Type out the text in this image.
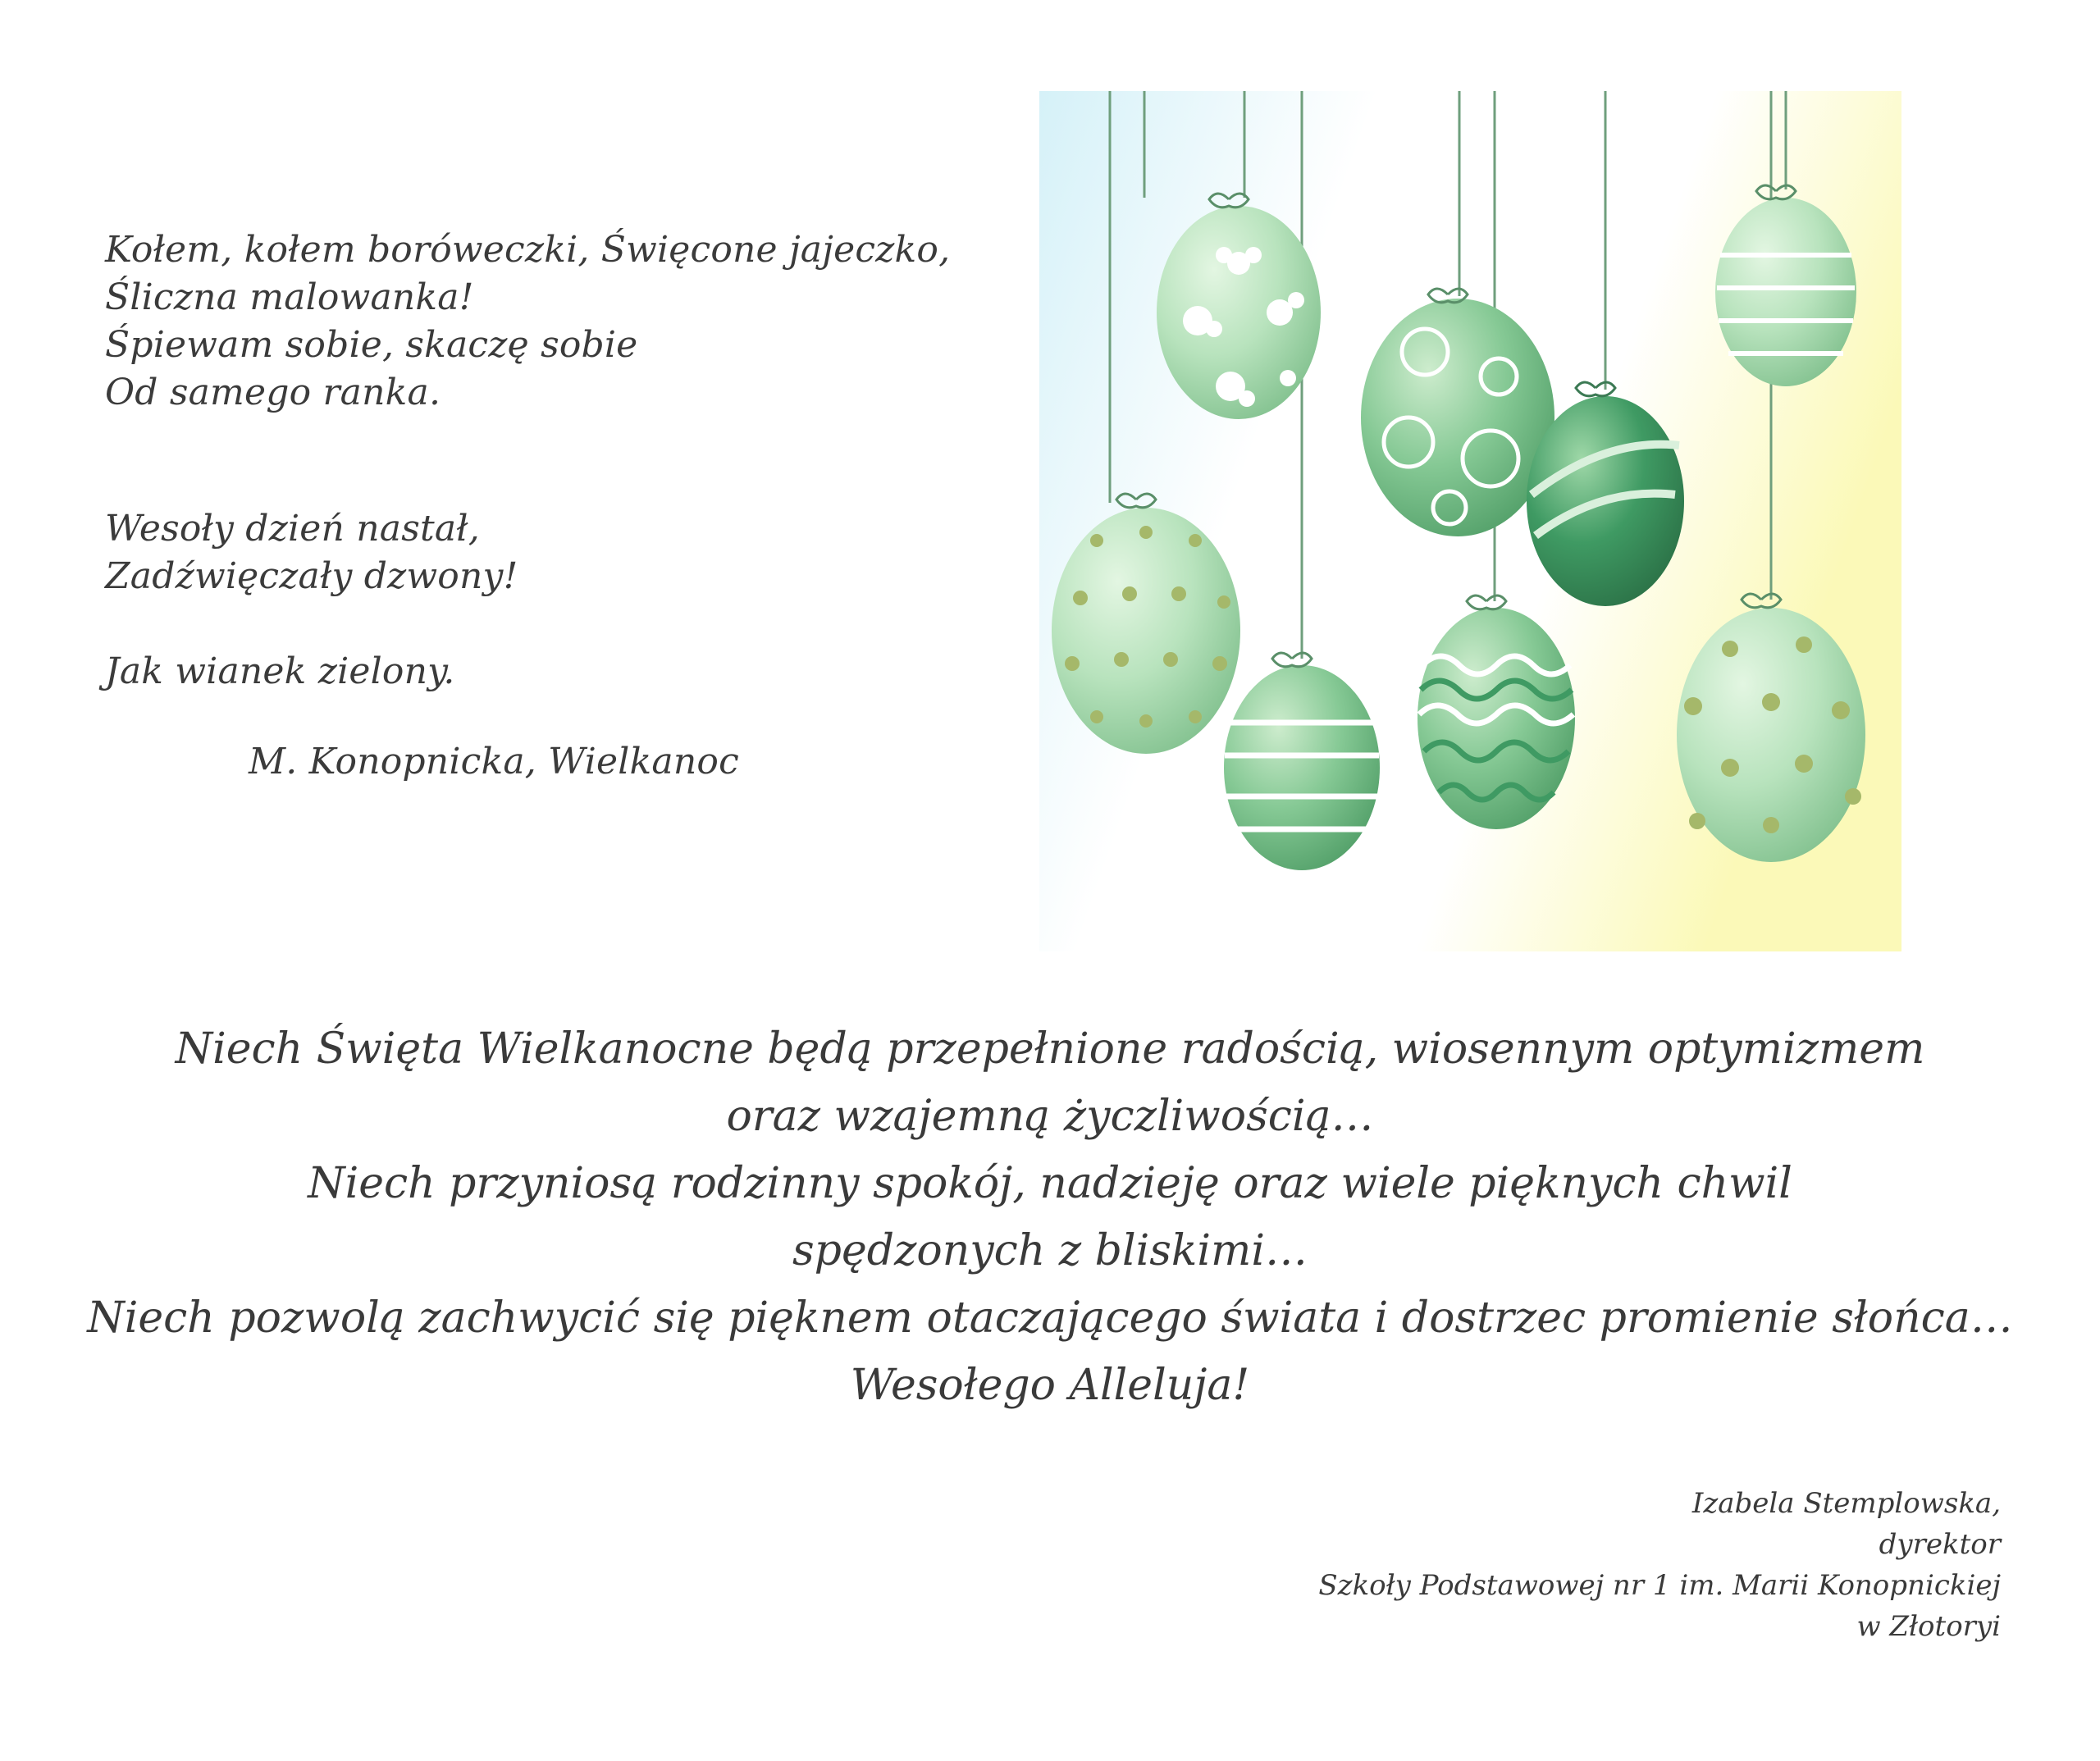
Kołem, kołem boróweczki, Święcone jajeczko,
Śliczna malowanka!
Śpiewam sobie, skaczę sobie
Od samego ranka.
Wesoły dzień nastał,
Zadźwięczały dzwony!
Jak wianek zielony.
M. Konopnicka, Wielkanoc
Niech Święta Wielkanocne będą przepełnione radością, wiosennym optymizmem
oraz wzajemną życzliwością…
Niech przyniosą rodzinny spokój, nadzieję oraz wiele pięknych chwil
spędzonych z bliskimi…
Niech pozwolą zachwycić się pięknem otaczającego świata i dostrzec promienie słońca…
Wesołego Alleluja!
Izabela Stemplowska,
dyrektor
Szkoły Podstawowej nr 1 im. Marii Konopnickiej
w Złotoryi
